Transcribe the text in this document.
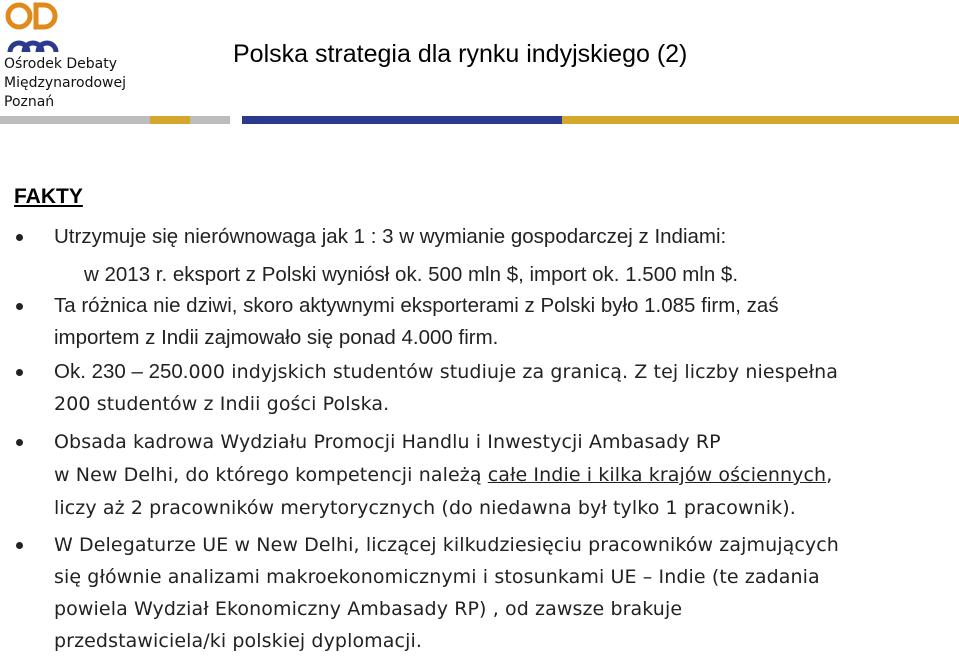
Ośrodek Debaty
Międzynarodowej
Poznań
Polska strategia dla rynku indyjskiego (2)
FAKTY

Utrzymuje się nierównowaga jak 1 : 3 w wymianie gospodarczej z Indiami:

w 2013 r. eksport z Polski wyniósł ok. 500 mln $, import ok. 1.500 mln $.

Ta różnica nie dziwi, skoro aktywnymi eksporterami z Polski było 1.085 firm, zaś

importem z Indii zajmowało się ponad 4.000 firm.

Ok. 230 – 250.000 indyjskich studentów studiuje za granicą. Z tej liczby niespełna

200 studentów z Indii gości Polska.

Obsada kadrowa Wydziału Promocji Handlu i Inwestycji Ambasady RP

w New Delhi, do którego kompetencji należą całe Indie i kilka krajów ościennych,

liczy aż 2 pracowników merytorycznych (do niedawna był tylko 1 pracownik).

W Delegaturze UE w New Delhi, liczącej kilkudziesięciu pracowników zajmujących

się głównie analizami makroekonomicznymi i stosunkami UE – Indie (te zadania

powiela Wydział Ekonomiczny Ambasady RP) , od zawsze brakuje

przedstawiciela/ki polskiej dyplomacji.
